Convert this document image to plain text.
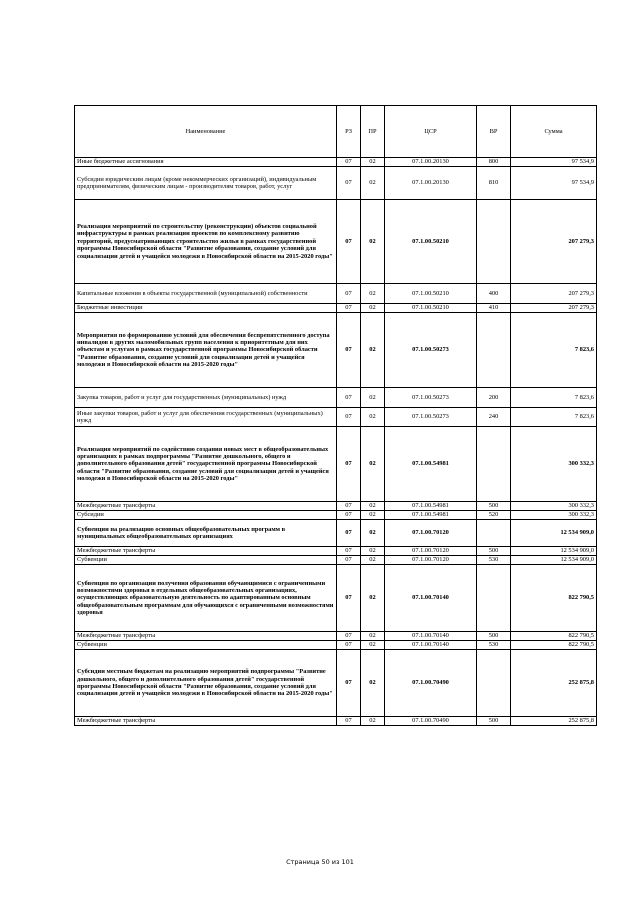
Наименование	РЗ	ПР	ЦСР	ВР	Сумма
Иные бюджетные ассигнования	07	02	07.1.00.20130	800	97 534,9
Субсидии юридическим лицам (кроме некоммерческих организаций), индивидуальным предпринимателям, физическим лицам - производителям товаров, работ, услуг	07	02	07.1.00.20130	810	97 534,9
Реализация мероприятий по строительству (реконструкции) объектов социальной инфраструктуры в рамках реализации проектов по комплексному развитию территорий, предусматривающих строительство жилья в рамках государственной программы Новосибирской области "Развитие образования, создание условий для социализации детей и учащейся молодежи в Новосибирской области на 2015-2020 годы"	07	02	07.1.00.50210		207 279,3
Капитальные вложения в объекты государственной (муниципальной) собственности	07	02	07.1.00.50210	400	207 279,3
Бюджетные инвестиции	07	02	07.1.00.50210	410	207 279,3
Мероприятия по формированию условий для обеспечения беспрепятственного доступа инвалидов в других маломобильных групп населения к приоритетным для них объектам и услугам в рамках государственной программы Новосибирской области "Развитие образования, создание условий для социализации детей и учащейся молодежи в Новосибирской области на 2015-2020 годы"	07	02	07.1.00.50273		7 823,6
Закупка товаров, работ и услуг для государственных (муниципальных) нужд	07	02	07.1.00.50273	200	7 823,6
Иные закупки товаров, работ и услуг для обеспечения государственных (муниципальных) нужд	07	02	07.1.00.50273	240	7 823,6
Реализация мероприятий по содействию создания новых мест в общеобразовательных организациях в рамках подпрограммы "Развитие дошкольного, общего и дополнительного образования детей" государственной программы Новосибирской области "Развитие образования, создание условий для социализации детей и учащейся молодежи в Новосибирской области на 2015-2020 годы"	07	02	07.1.00.54981		300 332,3
Межбюджетные трансферты	07	02	07.1.00.54981	500	300 332,3
Субсидии	07	02	07.1.00.54981	520	300 332,3
Субвенции на реализацию основных общеобразовательных программ в муниципальных общеобразовательных организациях	07	02	07.1.00.70120		12 534 909,0
Межбюджетные трансферты	07	02	07.1.00.70120	500	12 534 909,0
Субвенции	07	02	07.1.00.70120	530	12 534 909,0
Субвенции по организации получения образования обучающимися с ограниченными возможностями здоровья в отдельных общеобразовательных организациях, осуществляющих образовательную деятельность по адаптированным основным общеобразовательным программам для обучающихся с ограниченными возможностями здоровья	07	02	07.1.00.70140		822 790,5
Межбюджетные трансферты	07	02	07.1.00.70140	500	822 790,5
Субвенции	07	02	07.1.00.70140	530	822 790,5
Субсидии местным бюджетам на реализацию мероприятий подпрограммы "Развитие дошкольного, общего и дополнительного образования детей" государственной программы Новосибирской области "Развитие образования, создание условий для социализации детей и учащейся молодежи в Новосибирской области на 2015-2020 годы"	07	02	07.1.00.70490		252 875,8
Межбюджетные трансферты	07	02	07.1.00.70490	500	252 875,8
Страница 50 из 101
